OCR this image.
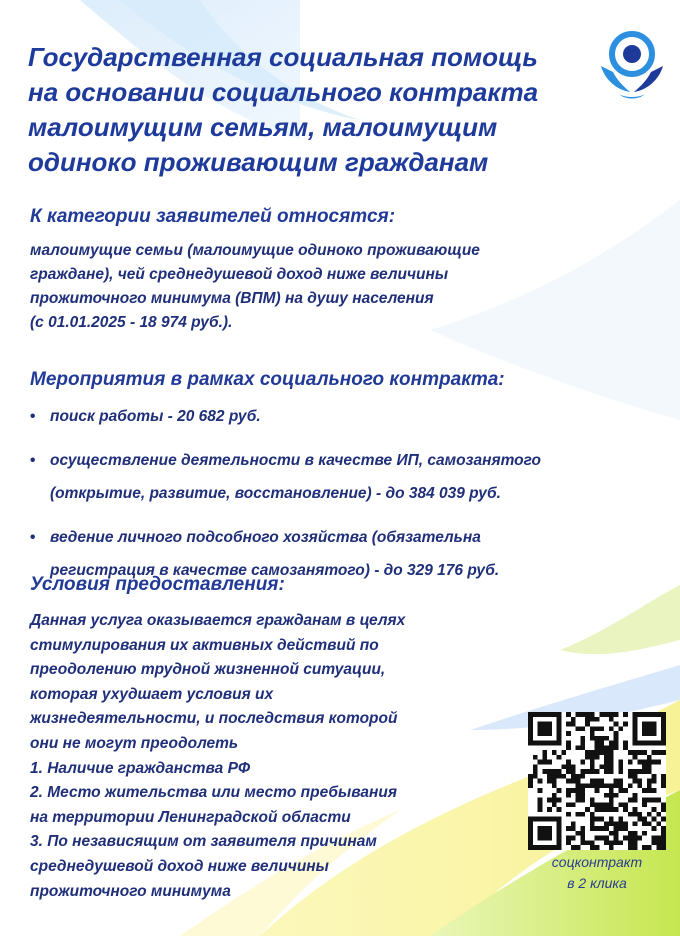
Государственная социальная помощь
на основании социального контракта
малоимущим семьям, малоимущим
одиноко проживающим гражданам

К категории заявителей относятся:

малоимущие семьи (малоимущие одиноко проживающие
граждане), чей среднедушевой доход ниже величины
прожиточного минимума (ВПМ) на душу населения
(с 01.01.2025 - 18 974 руб.).

Мероприятия в рамках социального контракта:

• поиск работы - 20 682 руб.
• осуществление деятельности в качестве ИП, самозанятого
(открытие, развитие, восстановление) - до 384 039 руб.
• ведение личного подсобного хозяйства (обязательна
регистрация в качестве самозанятого) - до 329 176 руб.

Условия предоставления:

Данная услуга оказывается гражданам в целях
стимулирования их активных действий по
преодолению трудной жизненной ситуации,
которая ухудшает условия их
жизнедеятельности, и последствия которой
они не могут преодолеть
1. Наличие гражданства РФ
2. Место жительства или место пребывания
на территории Ленинградской области
3. По независящим от заявителя причинам
среднедушевой доход ниже величины
прожиточного минимума

соцконтракт
в 2 клика
